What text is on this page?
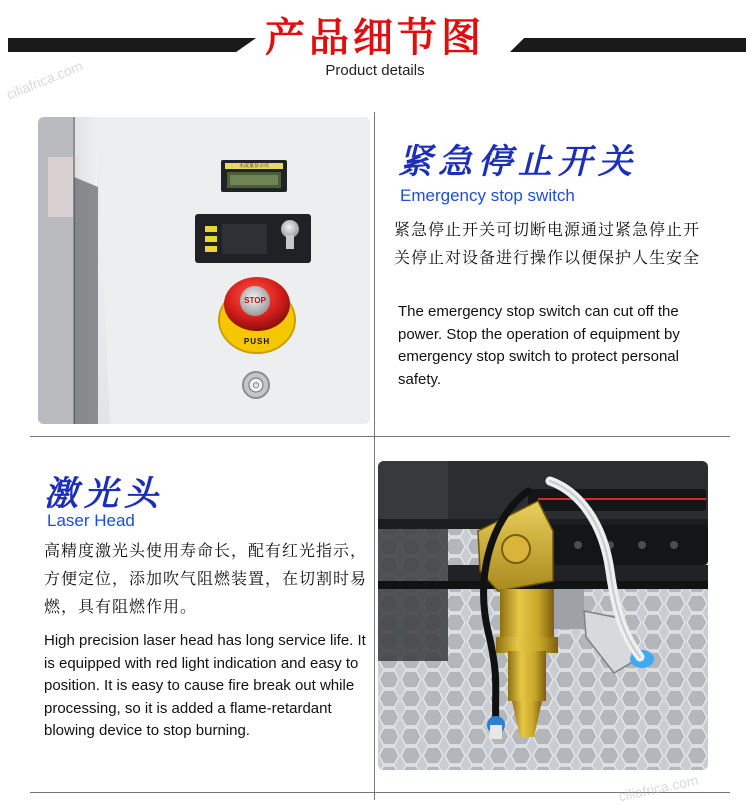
产品细节图
Product details
ciliafrica.com
⏻
水流量显示仪
STOP
PUSH
紧急停止开关
Emergency stop switch
紧急停止开关可切断电源通过紧急停止开关停止对设备进行操作以便保护人生安全
The emergency stop switch can cut off the power. Stop the operation of equipment by emergency stop switch to protect personal safety.
激光头
Laser Head
高精度激光头使用寿命长，配有红光指示，方便定位，添加吹气阻燃装置，在切割时易燃，具有阻燃作用。
High precision laser head has long service life. It is equipped with red light indication and easy to position. It is easy to cause fire break out while processing, so it is added a flame-retardant blowing device to stop burning.
ciliafrica.com
